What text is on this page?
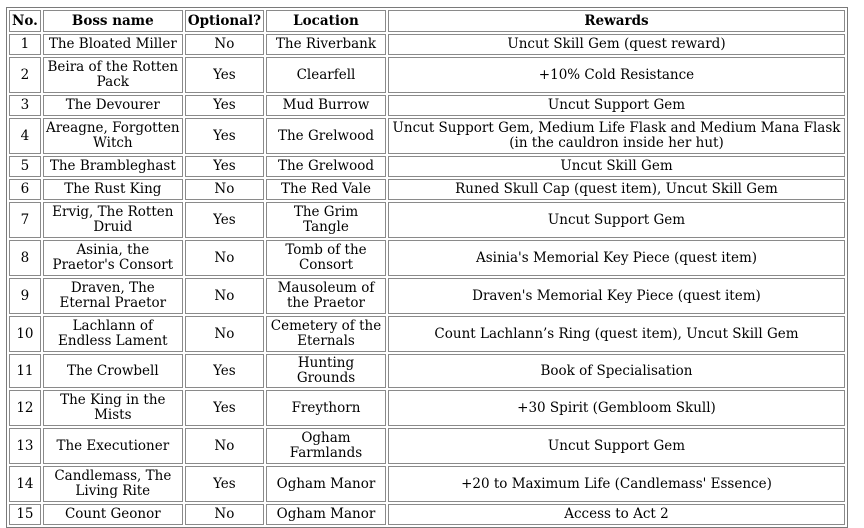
No.	Boss name	Optional?	Location	Rewards
1	The Bloated Miller	No	The Riverbank	Uncut Skill Gem (quest reward)
2	Beira of the Rotten Pack	Yes	Clearfell	+10% Cold Resistance
3	The Devourer	Yes	Mud Burrow	Uncut Support Gem
4	Areagne, Forgotten Witch	Yes	The Grelwood	Uncut Support Gem, Medium Life Flask and Medium Mana Flask (in the cauldron inside her hut)
5	The Brambleghast	Yes	The Grelwood	Uncut Skill Gem
6	The Rust King	No	The Red Vale	Runed Skull Cap (quest item), Uncut Skill Gem
7	Ervig, The Rotten Druid	Yes	The Grim Tangle	Uncut Support Gem
8	Asinia, the Praetor's Consort	No	Tomb of the Consort	Asinia's Memorial Key Piece (quest item)
9	Draven, The Eternal Praetor	No	Mausoleum of the Praetor	Draven's Memorial Key Piece (quest item)
10	Lachlann of Endless Lament	No	Cemetery of the Eternals	Count Lachlann’s Ring (quest item), Uncut Skill Gem
11	The Crowbell	Yes	Hunting Grounds	Book of Specialisation
12	The King in the Mists	Yes	Freythorn	+30 Spirit (Gembloom Skull)
13	The Executioner	No	Ogham Farmlands	Uncut Support Gem
14	Candlemass, The Living Rite	Yes	Ogham Manor	+20 to Maximum Life (Candlemass' Essence)
15	Count Geonor	No	Ogham Manor	Access to Act 2
